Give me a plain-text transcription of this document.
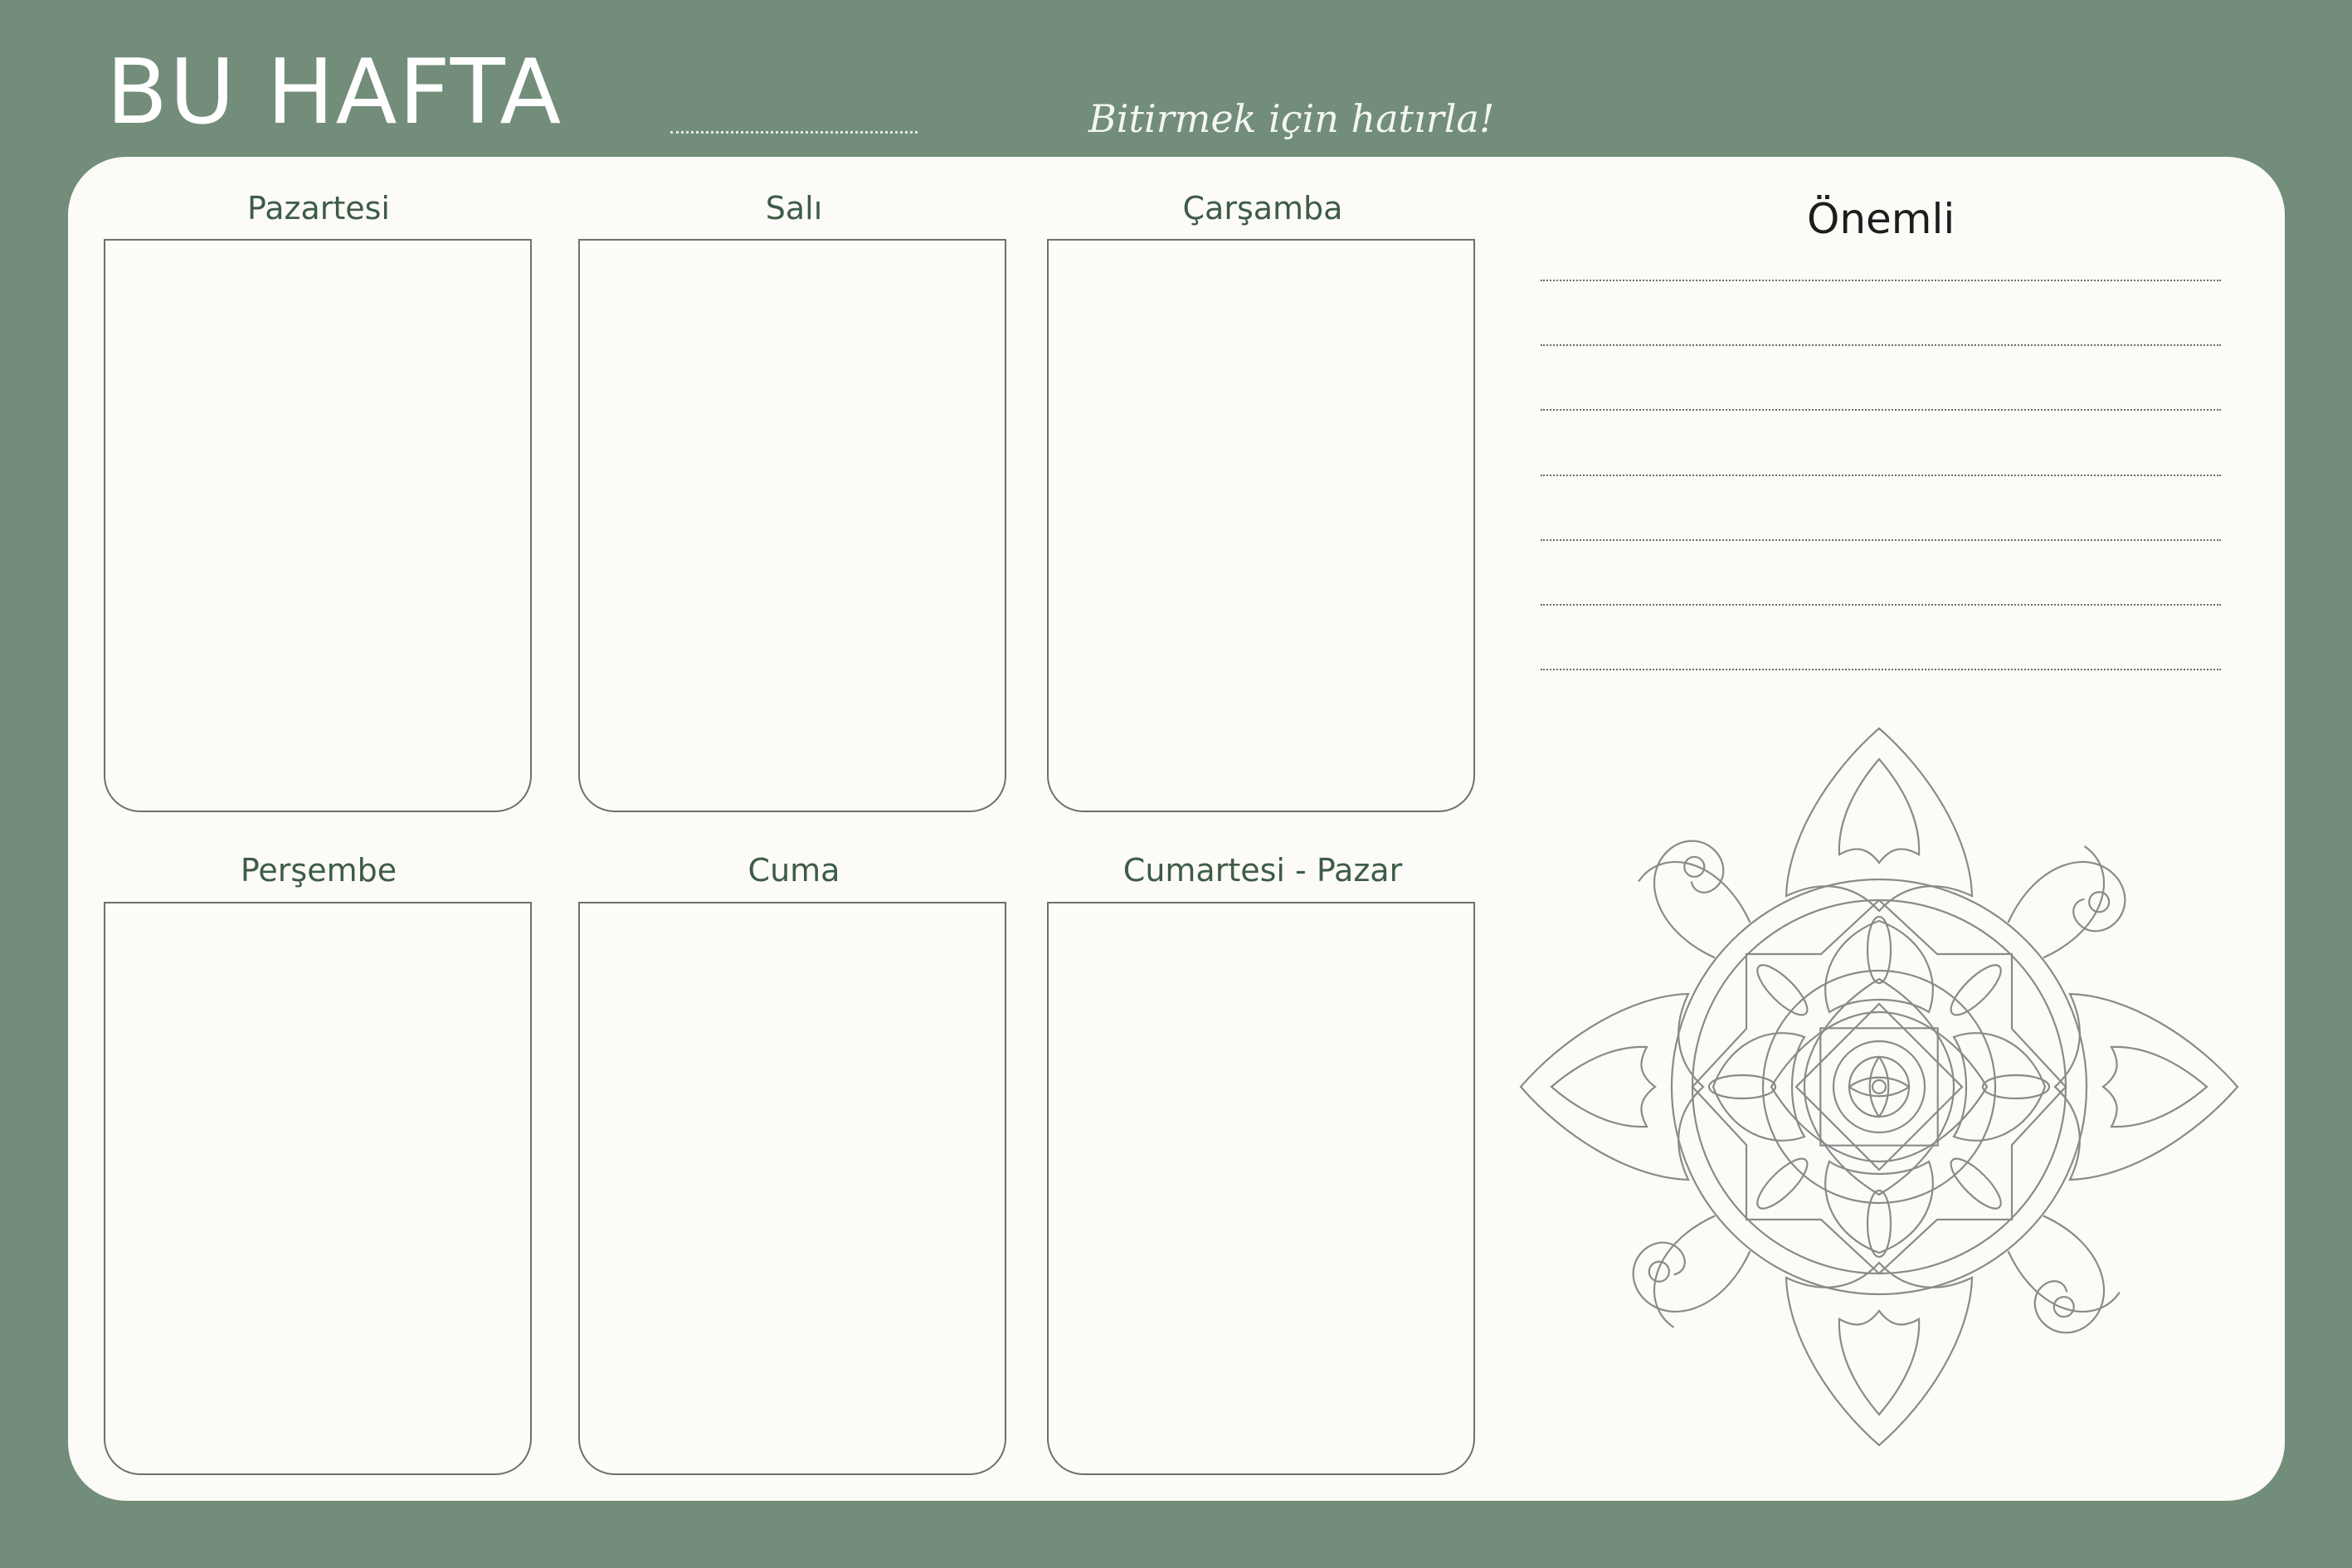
BU HAFTA	Bitirmek için hatırla!
Pazartesi	Salı	Çarşamba
Perşembe	Cuma	Cumartesi - Pazar
Önemli
